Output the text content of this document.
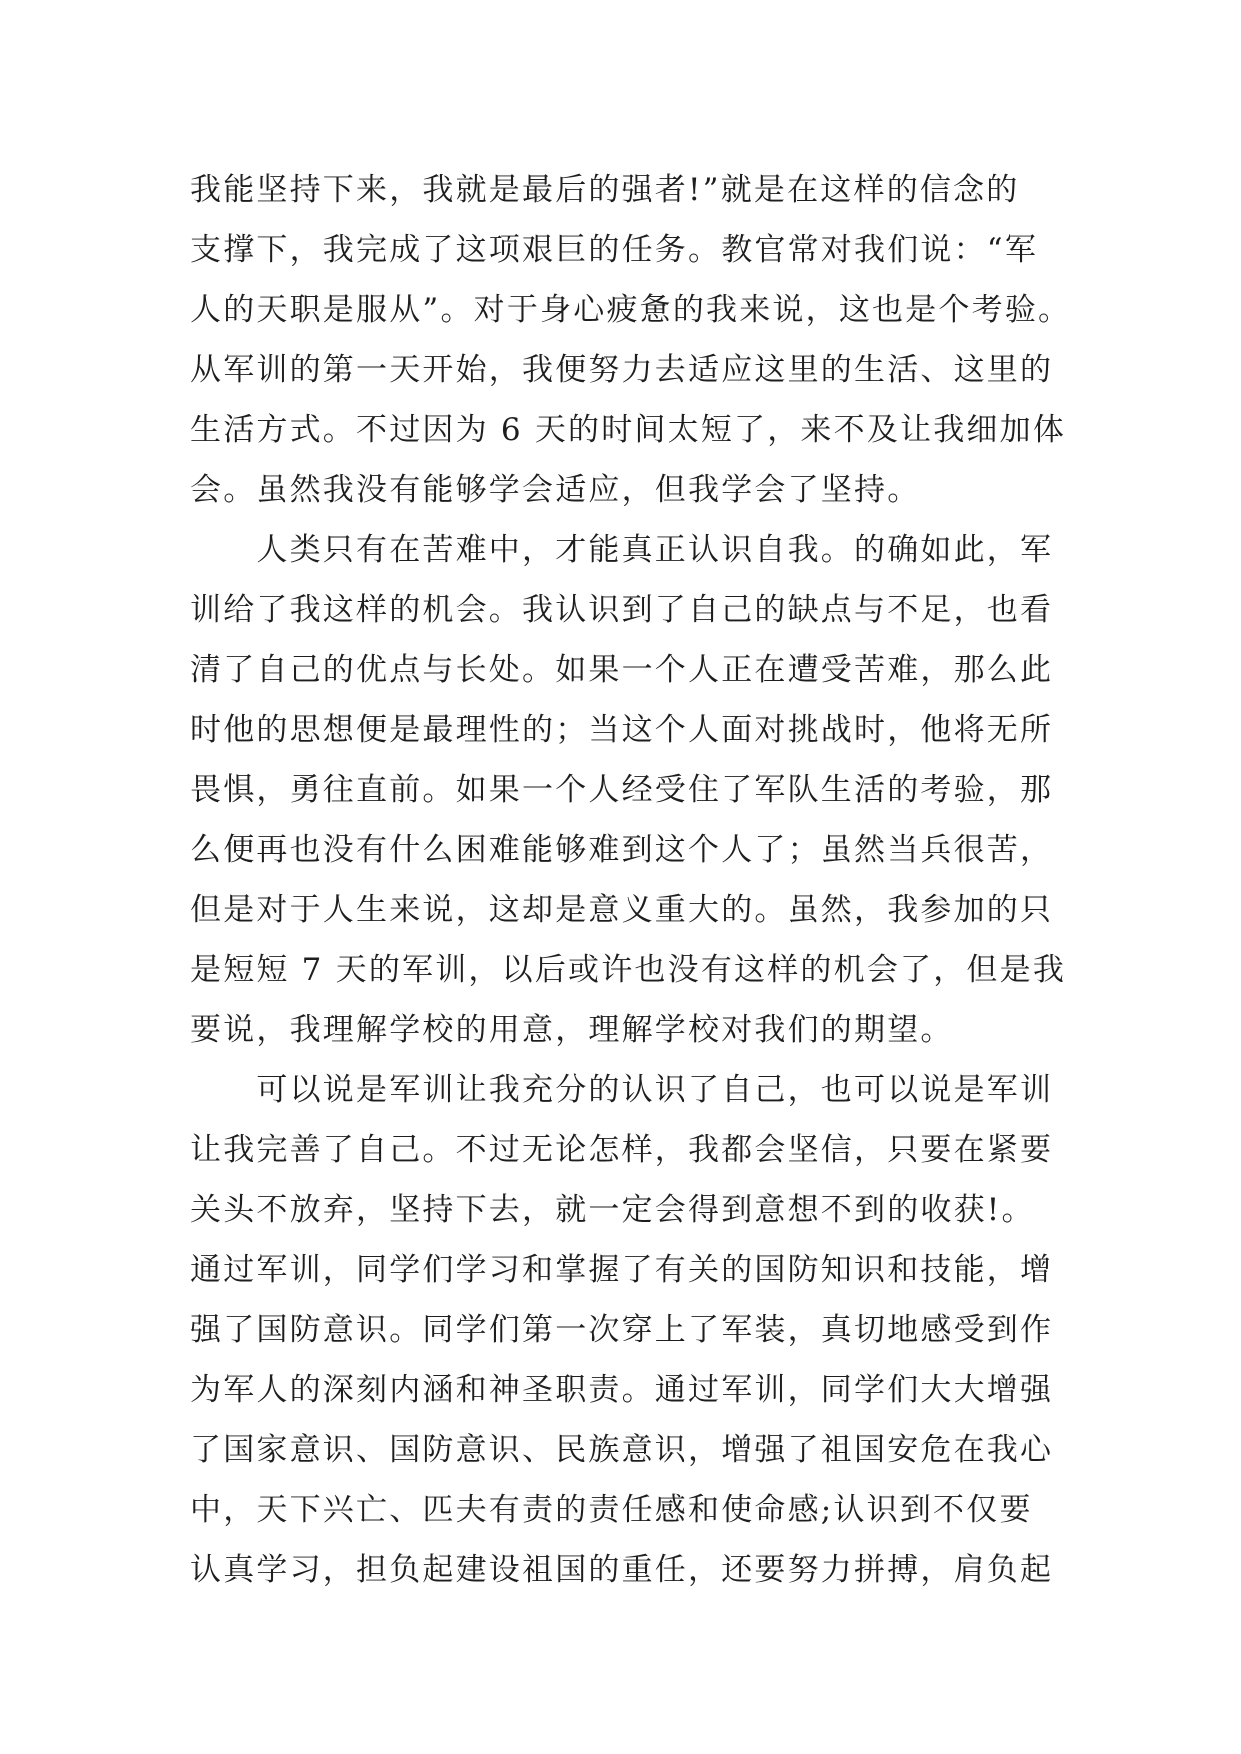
我能坚持下来，我就是最后的强者!”就是在这样的信念的
支撑下，我完成了这项艰巨的任务。教官常对我们说：“军
人的天职是服从”。对于身心疲惫的我来说，这也是个考验。
从军训的第一天开始，我便努力去适应这里的生活、这里的
生活方式。不过因为 6 天的时间太短了，来不及让我细加体
会。虽然我没有能够学会适应，但我学会了坚持。
　　人类只有在苦难中，才能真正认识自我。的确如此，军
训给了我这样的机会。我认识到了自己的缺点与不足，也看
清了自己的优点与长处。如果一个人正在遭受苦难，那么此
时他的思想便是最理性的；当这个人面对挑战时，他将无所
畏惧，勇往直前。如果一个人经受住了军队生活的考验，那
么便再也没有什么困难能够难到这个人了；虽然当兵很苦，
但是对于人生来说，这却是意义重大的。虽然，我参加的只
是短短 7 天的军训，以后或许也没有这样的机会了，但是我
要说，我理解学校的用意，理解学校对我们的期望。
　　可以说是军训让我充分的认识了自己，也可以说是军训
让我完善了自己。不过无论怎样，我都会坚信，只要在紧要
关头不放弃，坚持下去，就一定会得到意想不到的收获!。
通过军训，同学们学习和掌握了有关的国防知识和技能，增
强了国防意识。同学们第一次穿上了军装，真切地感受到作
为军人的深刻内涵和神圣职责。通过军训，同学们大大增强
了国家意识、国防意识、民族意识，增强了祖国安危在我心
中，天下兴亡、匹夫有责的责任感和使命感;认识到不仅要
认真学习，担负起建设祖国的重任，还要努力拼搏，肩负起
